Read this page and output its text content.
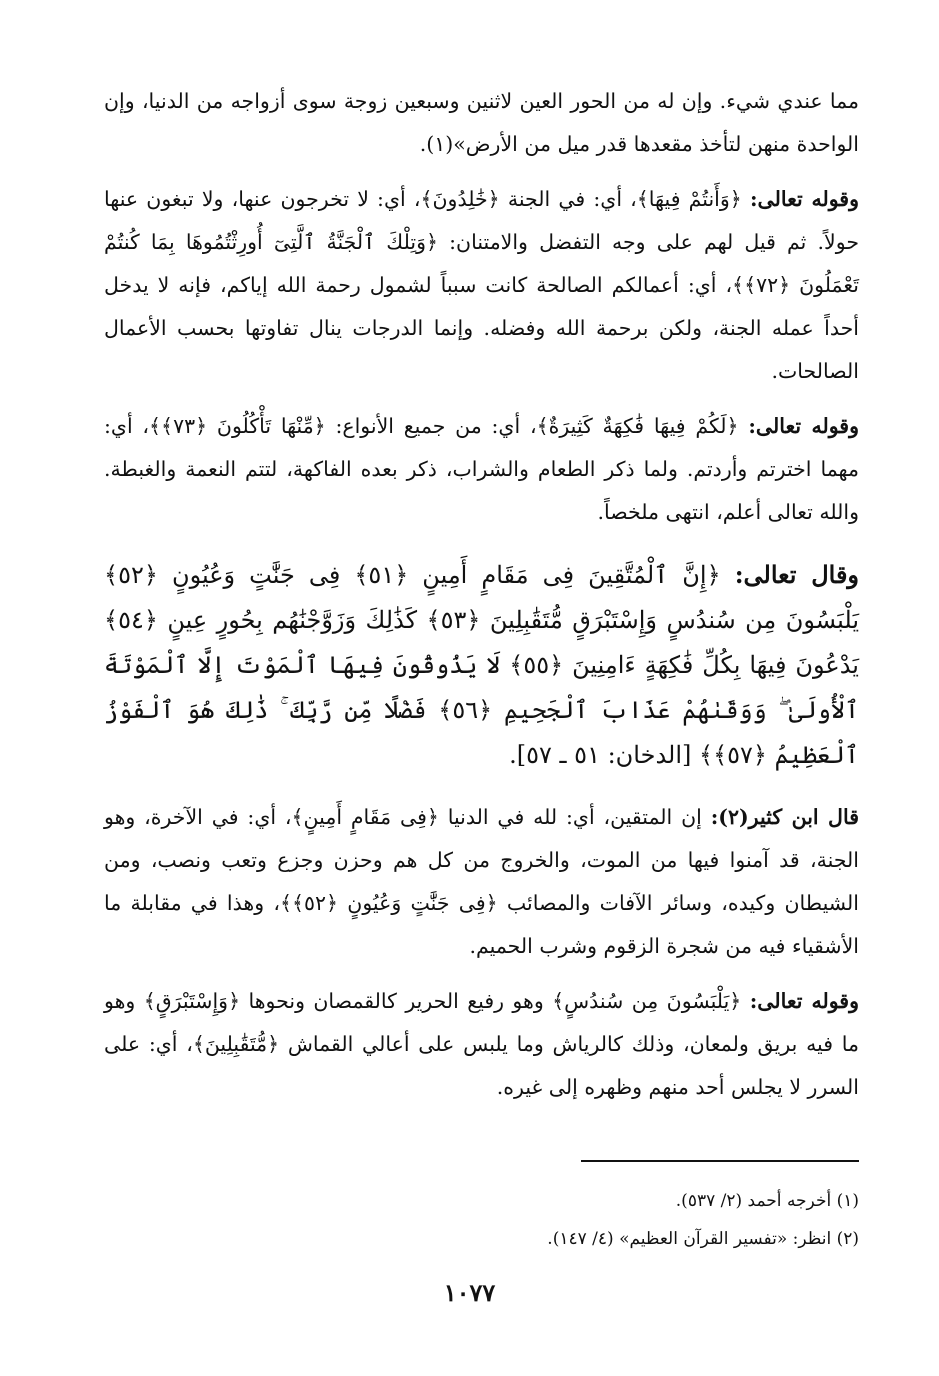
مما عندي شيء. وإن له من الحور العين لاثنين وسبعين زوجة سوى أزواجه من الدنيا، وإن الواحدة منهن لتأخذ مقعدها قدر ميل من الأرض»(١).

وقوله تعالى: ﴿وَأَنتُمْ فِيهَا﴾، أي: في الجنة ﴿خَٰلِدُونَ﴾، أي: لا تخرجون عنها، ولا تبغون عنها حولاً. ثم قيل لهم على وجه التفضل والامتنان: ﴿وَتِلْكَ ٱلْجَنَّةُ ٱلَّتِىٓ أُورِثْتُمُوهَا بِمَا كُنتُمْ تَعْمَلُونَ ﴿٧٢﴾﴾، أي: أعمالكم الصالحة كانت سبباً لشمول رحمة الله إياكم، فإنه لا يدخل أحداً عمله الجنة، ولكن برحمة الله وفضله. وإنما الدرجات ينال تفاوتها بحسب الأعمال الصالحات.

وقوله تعالى: ﴿لَكُمْ فِيهَا فَٰكِهَةٌ كَثِيرَةٌ﴾، أي: من جميع الأنواع: ﴿مِّنْهَا تَأْكُلُونَ ﴿٧٣﴾﴾، أي: مهما اخترتم وأردتم. ولما ذكر الطعام والشراب، ذكر بعده الفاكهة، لتتم النعمة والغبطة. والله تعالى أعلم، انتهى ملخصاً.

وقال تعالى: ﴿إِنَّ ٱلْمُتَّقِينَ فِى مَقَامٍ أَمِينٍ ﴿٥١﴾ فِى جَنَّٰتٍ وَعُيُونٍ ﴿٥٢﴾ يَلْبَسُونَ مِن سُندُسٍ وَإِسْتَبْرَقٍ مُّتَقَٰبِلِينَ ﴿٥٣﴾ كَذَٰلِكَ وَزَوَّجْنَٰهُم بِحُورٍ عِينٍ ﴿٥٤﴾ يَدْعُونَ فِيهَا بِكُلِّ فَٰكِهَةٍ ءَامِنِينَ ﴿٥٥﴾ لَا يَذُوقُونَ فِيهَا ٱلْمَوْتَ إِلَّا ٱلْمَوْتَةَ ٱلْأُولَىٰ ۖ وَوَقَىٰهُمْ عَذَابَ ٱلْجَحِيمِ ﴿٥٦﴾ فَضْلًا مِّن رَّبِّكَ ۚ ذَٰلِكَ هُوَ ٱلْفَوْزُ ٱلْعَظِيمُ ﴿٥٧﴾﴾ [الدخان: ٥١ ـ ٥٧].

قال ابن كثير(٢): إن المتقين، أي: لله في الدنيا ﴿فِى مَقَامٍ أَمِينٍ﴾، أي: في الآخرة، وهو الجنة، قد آمنوا فيها من الموت، والخروج من كل هم وحزن وجزع وتعب ونصب، ومن الشيطان وكيده، وسائر الآفات والمصائب ﴿فِى جَنَّٰتٍ وَعُيُونٍ ﴿٥٢﴾﴾، وهذا في مقابلة ما الأشقياء فيه من شجرة الزقوم وشرب الحميم.

وقوله تعالى: ﴿يَلْبَسُونَ مِن سُندُسٍ﴾ وهو رفيع الحرير كالقمصان ونحوها ﴿وَإِسْتَبْرَقٍ﴾ وهو ما فيه بريق ولمعان، وذلك كالرياش وما يلبس على أعالي القماش ﴿مُّتَقَٰبِلِينَ﴾، أي: على السرر لا يجلس أحد منهم وظهره إلى غيره.

(١) أخرجه أحمد (٢/ ٥٣٧).

(٢) انظر: «تفسير القرآن العظيم» (٤/ ١٤٧).

١٠٧٧
